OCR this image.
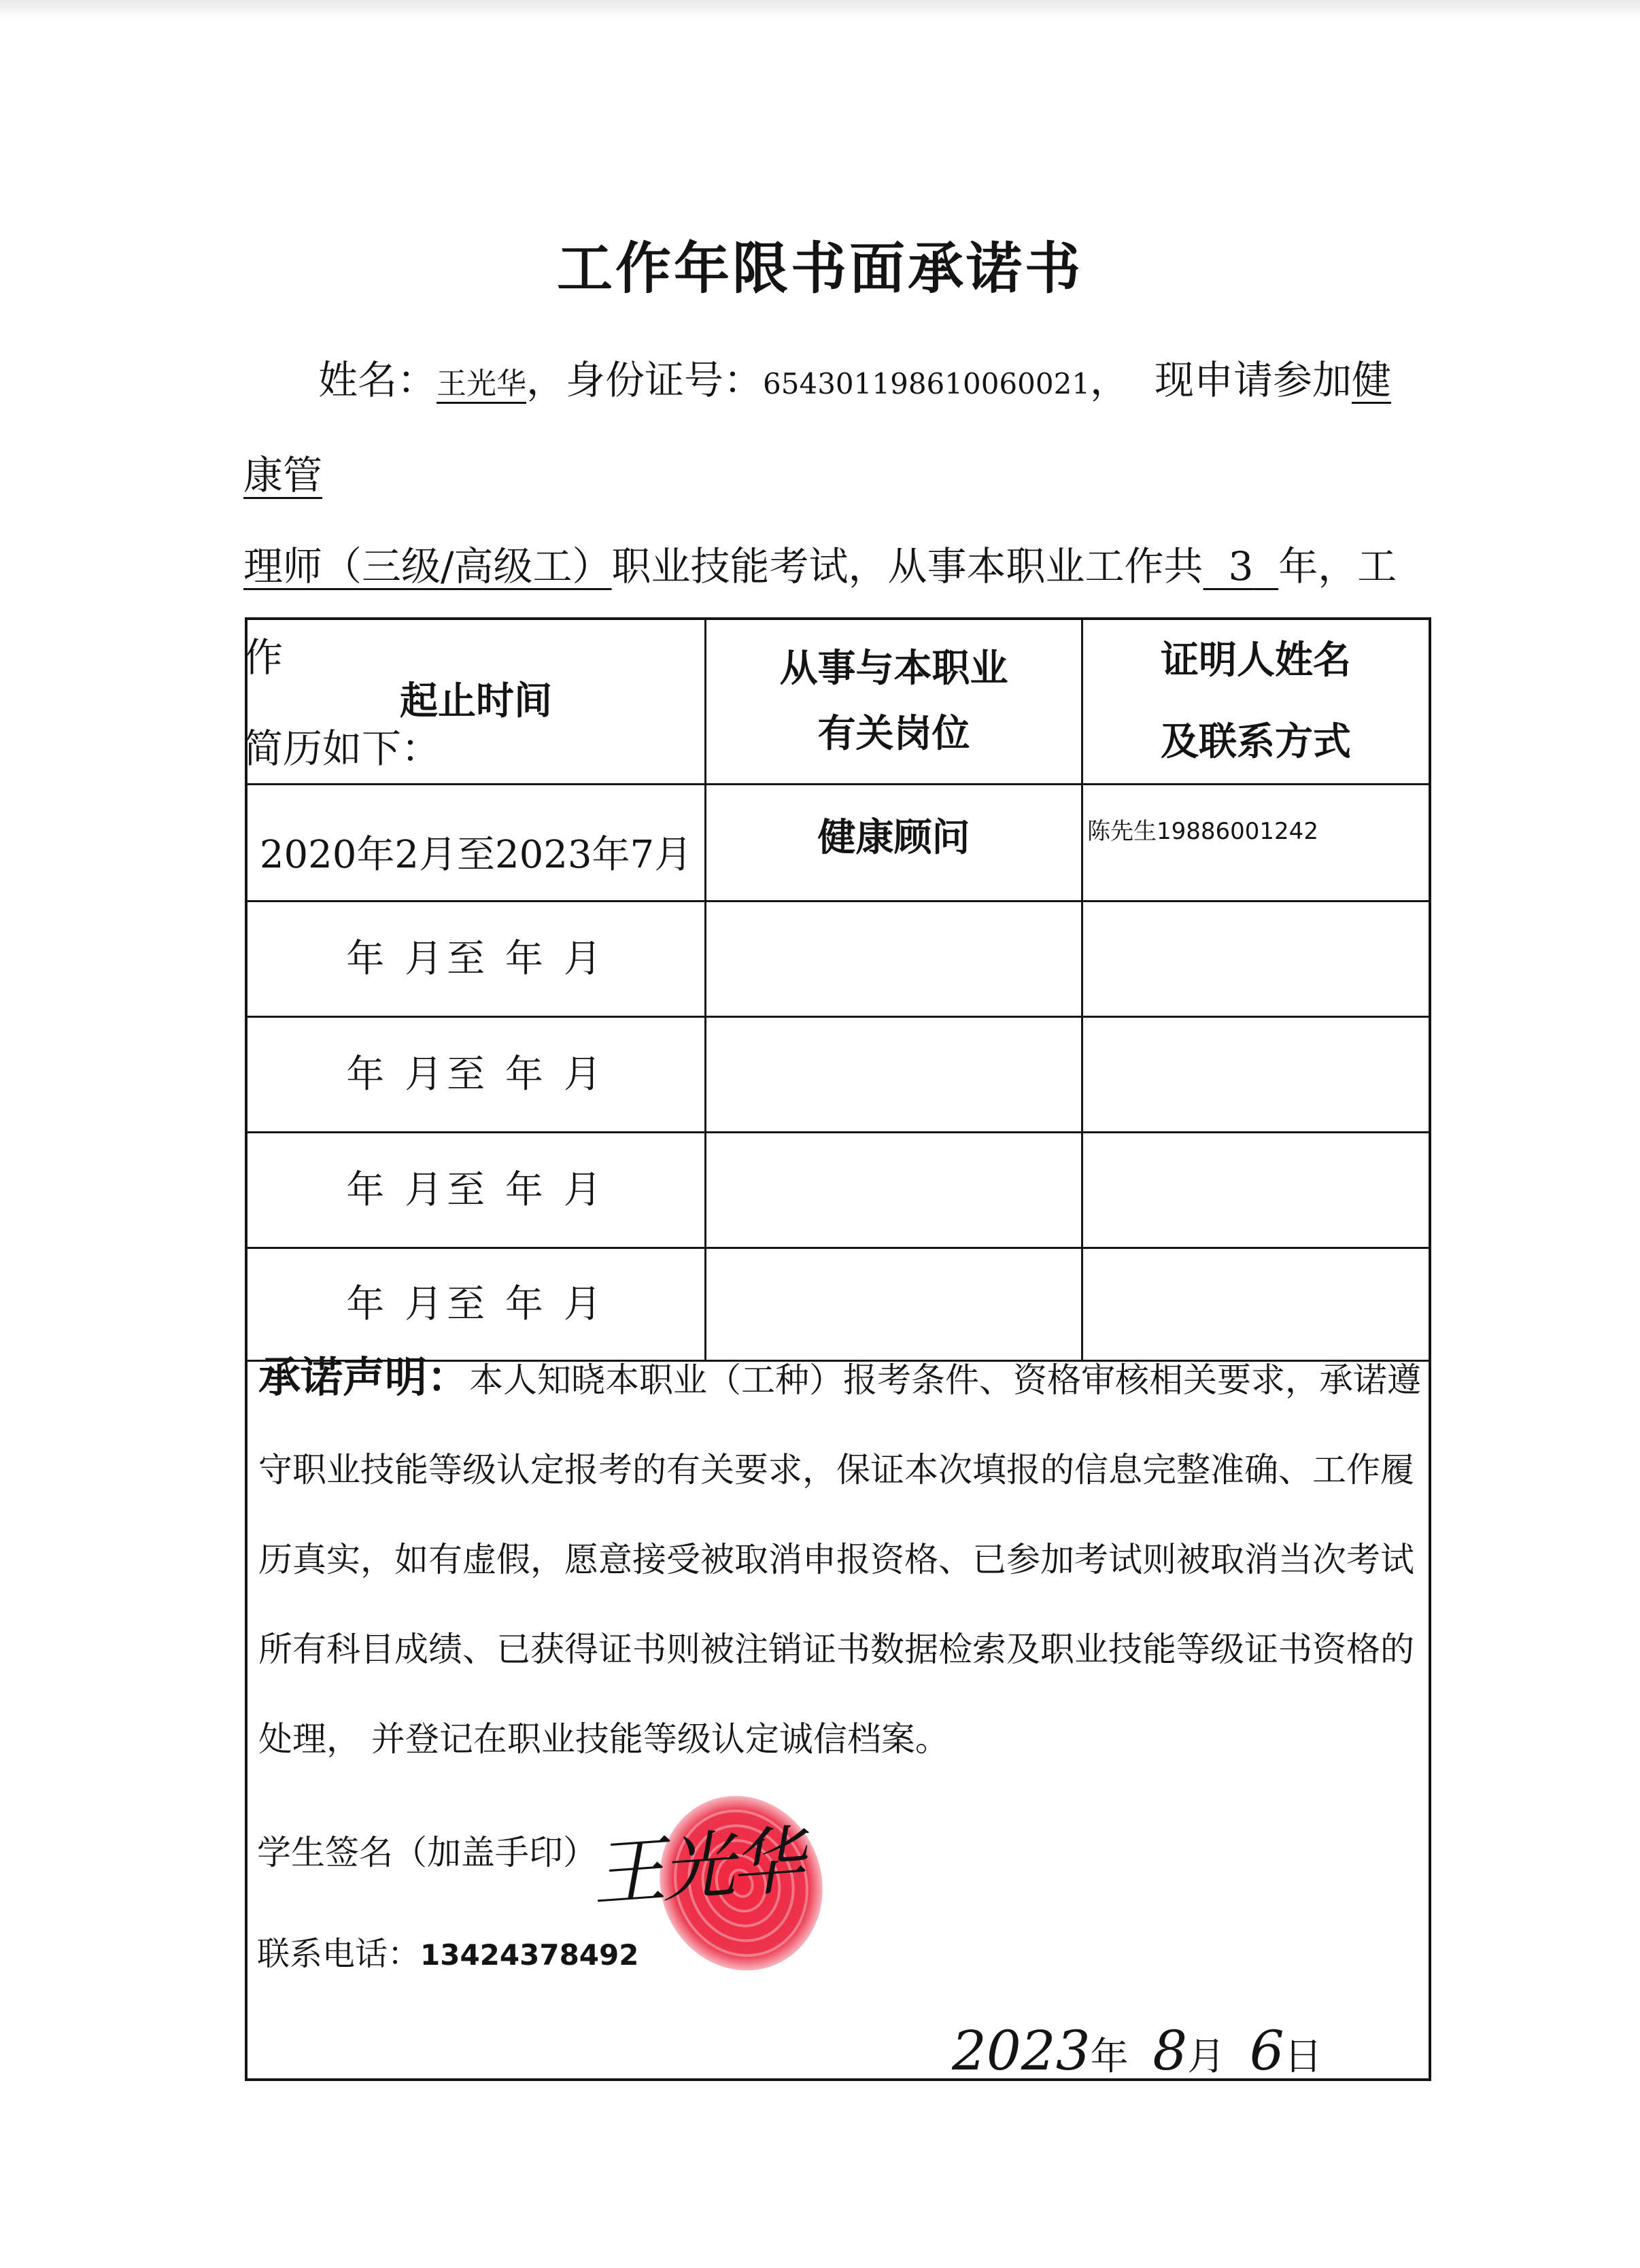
工作年限书面承诺书
姓名：王光华，身份证号：654301198610060021， 现申请参加健康管
理师（三级/高级工）职业技能考试，从事本职业工作共 3 年，工作
简历如下：
起止时间
从事与本职业
有关岗位
证明人姓名
及联系方式
2020年2月至2023年7月	健康顾问	陈先生19886001242
年 月至 年 月
年 月至 年 月
年 月至 年 月
年 月至 年 月
承诺声明：本人知晓本职业（工种）报考条件、资格审核相关要求，承诺遵守职业技能等级认定报考的有关要求，保证本次填报的信息完整准确、工作履历真实，如有虚假，愿意接受被取消申报资格、已参加考试则被取消当次考试所有科目成绩、已获得证书则被注销证书数据检索及职业技能等级证书资格的处理， 并登记在职业技能等级认定诚信档案。
学生签名（加盖手印）
王光华
联系电话：13424378492
2023年 8月 6日
